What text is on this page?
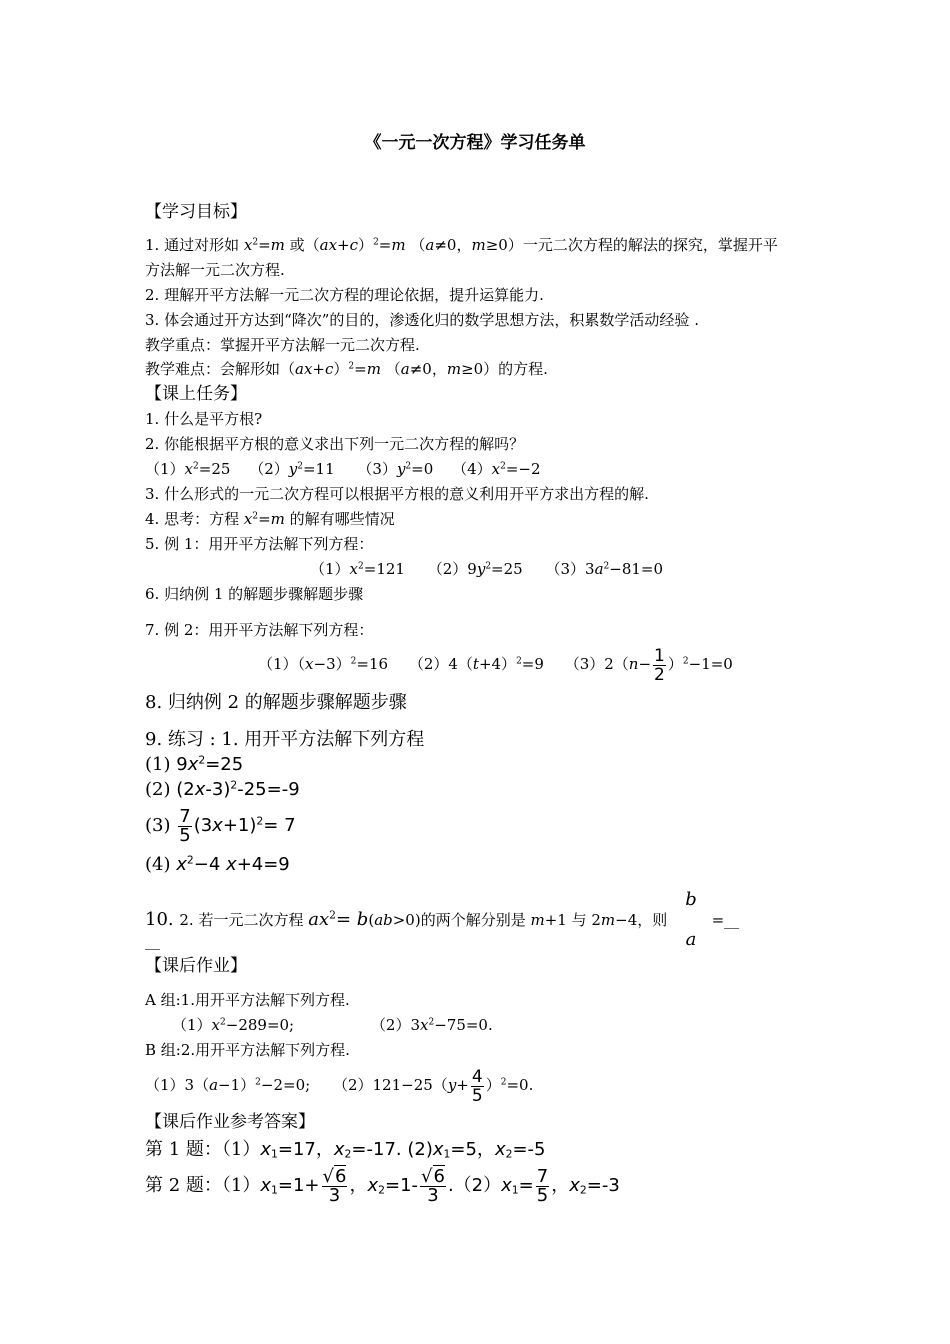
《一元一次方程》学习任务单
【学习目标】
1. 通过对形如 $x^2=m$ 或$(ax+c)^2=m$ （a≠0，m≥0）一元二次方程的解法的探究，掌握开平
方法解一元二次方程.
2. 理解开平方法解一元二次方程的理论依据，提升运算能力.
3. 体会通过开方达到“降次”的目的，渗透化归的数学思想方法，积累数学活动经验 .
教学重点：掌握开平方法解一元二次方程.
教学难点：会解形如$(ax+c)^2=m$ （a≠0，m≥0）的方程.
【课上任务】
1. 什么是平方根?
2. 你能根据平方根的意义求出下列一元二次方程的解吗？
$(1)x^2=25$ $(2)y^2=11$ $(3)y^2=0$ $(4)x^2=-2$
3. 什么形式的一元二次方程可以根据平方根的意义利用开平方求出方程的解.
4. 思考：方程 $x^2=m$ 的解有哪些情况
5. 例 1：用开平方法解下列方程：
$(1)x^2=121$ $(2)9y^2=25$ $(3)3a^2-81=0$
6. 归纳例 1 的解题步骤解题步骤
7. 例 2：用开平方法解下列方程：
$(1)(x-3)^2=16$ $(2)4(t+4)^2=9$ $(3)2(n- \frac{1}{2} )^2-1=0$
8. 归纳例 2 的解题步骤解题步骤
9. 练习 : 1. 用开平方法解下列方程
(1) $9x^2=25$
(2) $(2x-3)^2-25=-9$
$(3) \frac{7}{5} (3x+1)^2= 7$
(4) $x^2-4$ x+4=9
10. 2. 若一元二次方程 $ax^2= b(ab>0)$的两个解分别是 m+1 与 2m−4，则
b
a
=__
__
【课后作业】
A 组:1.用开平方法解下列方程.
$(1)x^2-289=0$;	$(2)3x^2-75=0$.
B 组:2.用开平方法解下列方程.
$(1)3(a-1)^2-2=0$; $(2)121-25(y+ \frac{4}{5} )^2=0$.
【课后作业参考答案】
第 1 题：$(1)x_1=17$，$x_2=-17$. $(2)x_1=5$，$x_2=-5$
第 2 题：$(1)x_1=1+ \frac{√6}{3}$ ，$x_2=1- \frac{√6}{3} .(2)x_1= \frac{7}{5}$ ，$x_2=-3$
